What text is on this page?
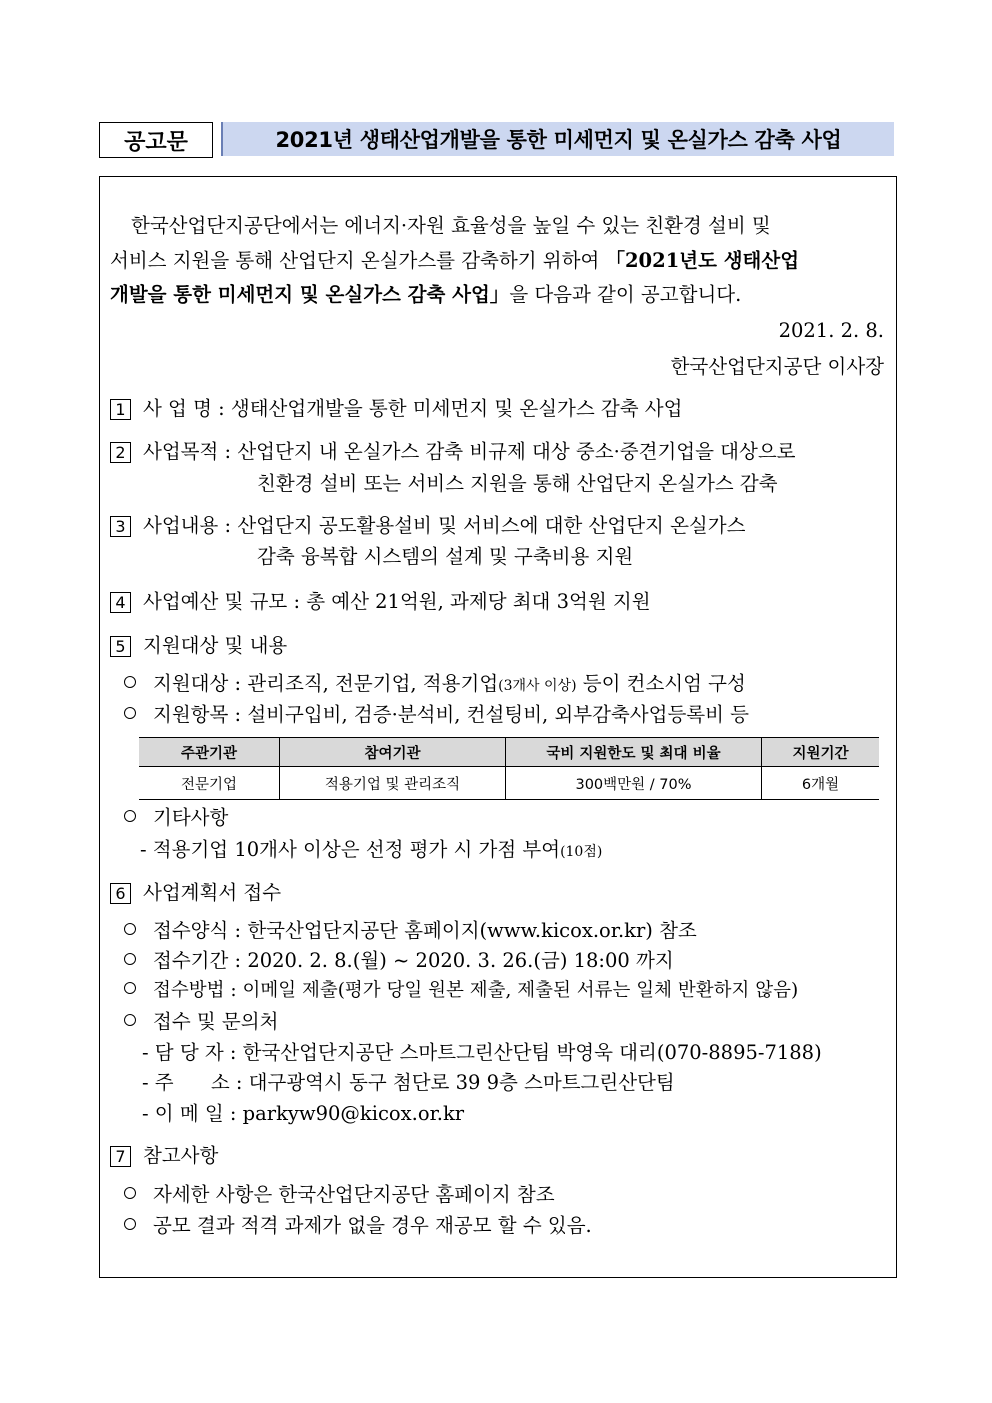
공고문	2021년 생태산업개발을 통한 미세먼지 및 온실가스 감축 사업
한국산업단지공단에서는 에너지·자원 효율성을 높일 수 있는 친환경 설비 및
서비스 지원을 통해 산업단지 온실가스를 감축하기 위하여 「2021년도 생태산업
개발을 통한 미세먼지 및 온실가스 감축 사업」을 다음과 같이 공고합니다.
2021. 2. 8.
한국산업단지공단 이사장
1 사 업 명 : 생태산업개발을 통한 미세먼지 및 온실가스 감축 사업
2 사업목적 : 산업단지 내 온실가스 감축 비규제 대상 중소·중견기업을 대상으로
친환경 설비 또는 서비스 지원을 통해 산업단지 온실가스 감축
3 사업내용 : 산업단지 공도활용설비 및 서비스에 대한 산업단지 온실가스
감축 융복합 시스템의 설계 및 구축비용 지원
4 사업예산 및 규모 : 총 예산 21억원, 과제당 최대 3억원 지원
5 지원대상 및 내용
지원대상 : 관리조직, 전문기업, 적용기업(3개사 이상) 등이 컨소시엄 구성
지원항목 : 설비구입비, 검증·분석비, 컨설팅비, 외부감축사업등록비 등
주관기관	참여기관	국비 지원한도 및 최대 비율	지원기간
전문기업	적용기업 및 관리조직	300백만원 / 70%	6개월
기타사항
- 적용기업 10개사 이상은 선정 평가 시 가점 부여(10점)
6 사업계획서 접수
접수양식 : 한국산업단지공단 홈페이지(www.kicox.or.kr) 참조
접수기간 : 2020. 2. 8.(월) ~ 2020. 3. 26.(금) 18:00 까지
접수방법 : 이메일 제출(평가 당일 원본 제출, 제출된 서류는 일체 반환하지 않음)
접수 및 문의처
- 담 당 자 : 한국산업단지공단 스마트그린산단팀 박영욱 대리(070-8895-7188)
- 주      소 : 대구광역시 동구 첨단로 39 9층 스마트그린산단팀
- 이 메 일 : parkyw90@kicox.or.kr
7 참고사항
자세한 사항은 한국산업단지공단 홈페이지 참조
공모 결과 적격 과제가 없을 경우 재공모 할 수 있음.
